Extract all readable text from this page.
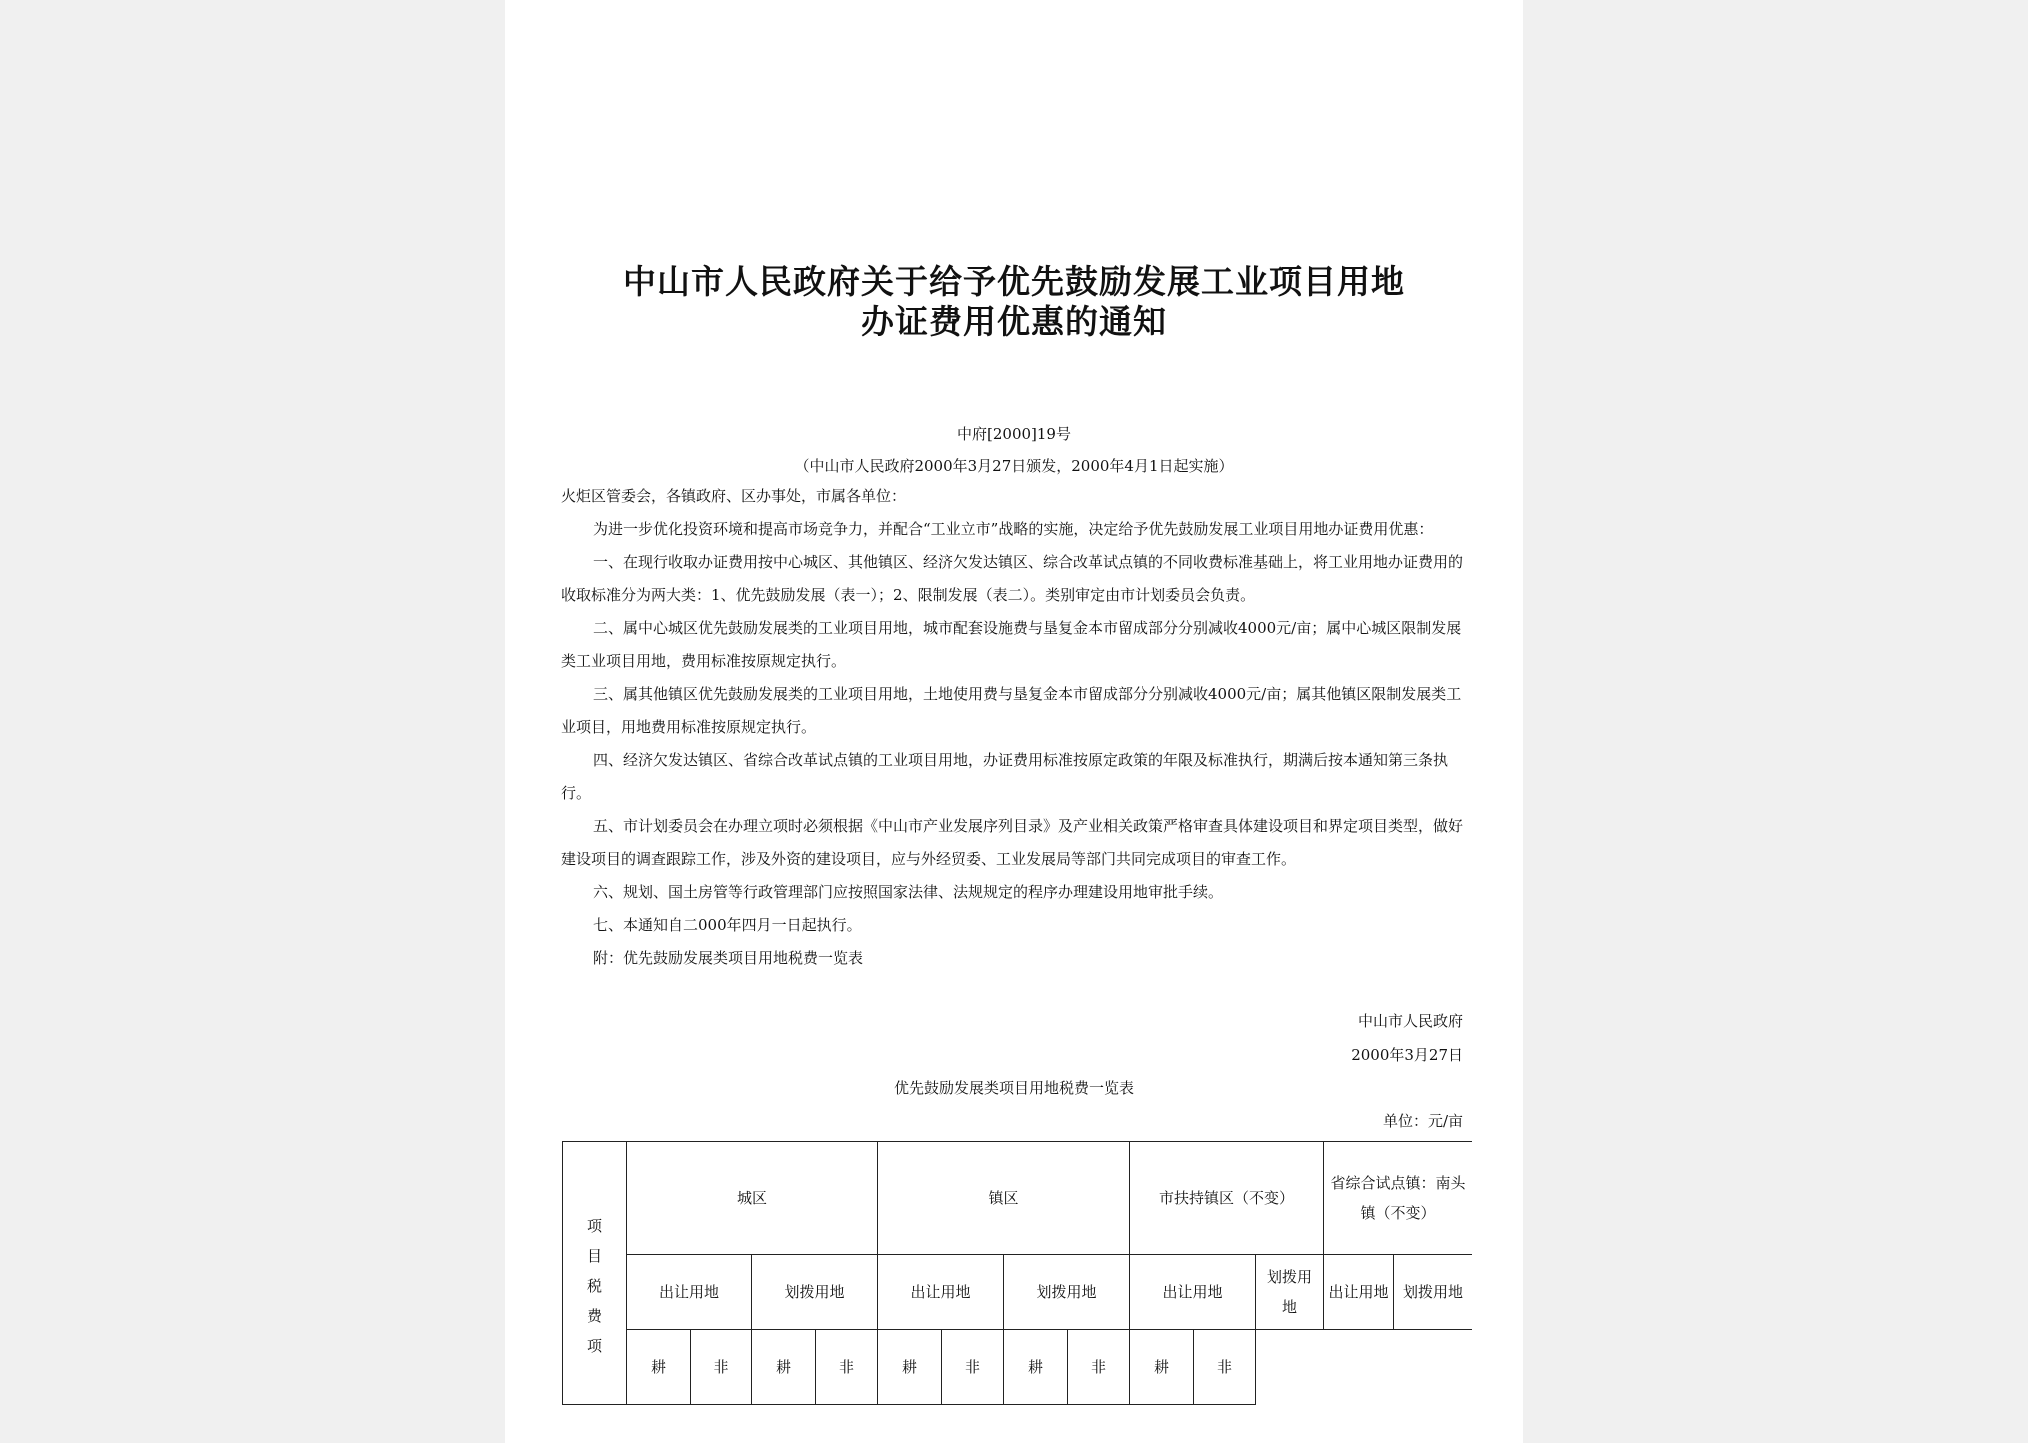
中山市人民政府关于给予优先鼓励发展工业项目用地
办证费用优惠的通知
中府[2000]19号
（中山市人民政府2000年3月27日颁发，2000年4月1日起实施）

火炬区管委会，各镇政府、区办事处，市属各单位：

为进一步优化投资环境和提高市场竞争力，并配合“工业立市”战略的实施，决定给予优先鼓励发展工业项目用地办证费用优惠：

一、在现行收取办证费用按中心城区、其他镇区、经济欠发达镇区、综合改革试点镇的不同收费标准基础上，将工业用地办证费用的收取标准分为两大类：1、优先鼓励发展（表一）；2、限制发展（表二）。类别审定由市计划委员会负责。

二、属中心城区优先鼓励发展类的工业项目用地，城市配套设施费与垦复金本市留成部分分别减收4000元/亩；属中心城区限制发展类工业项目用地，费用标准按原规定执行。

三、属其他镇区优先鼓励发展类的工业项目用地，土地使用费与垦复金本市留成部分分别减收4000元/亩；属其他镇区限制发展类工业项目，用地费用标准按原规定执行。

四、经济欠发达镇区、省综合改革试点镇的工业项目用地，办证费用标准按原定政策的年限及标准执行，期满后按本通知第三条执行。

五、市计划委员会在办理立项时必须根据《中山市产业发展序列目录》及产业相关政策严格审查具体建设项目和界定项目类型，做好建设项目的调查跟踪工作，涉及外资的建设项目，应与外经贸委、工业发展局等部门共同完成项目的审查工作。

六、规划、国土房管等行政管理部门应按照国家法律、法规规定的程序办理建设用地审批手续。

七、本通知自二000年四月一日起执行。

附：优先鼓励发展类项目用地税费一览表

中山市人民政府
2000年3月27日
优先鼓励发展类项目用地税费一览表
单位：元/亩
项
目
税
费
项	城区				镇区				市扶持镇区（不变）			省综合试点镇：南头镇（不变）	
	出让用地		划拨用地		出让用地		划拨用地		出让用地		划拨用地	出让用地	划拨用地
	耕	非	耕	非	耕	非	耕	非	耕	非			
